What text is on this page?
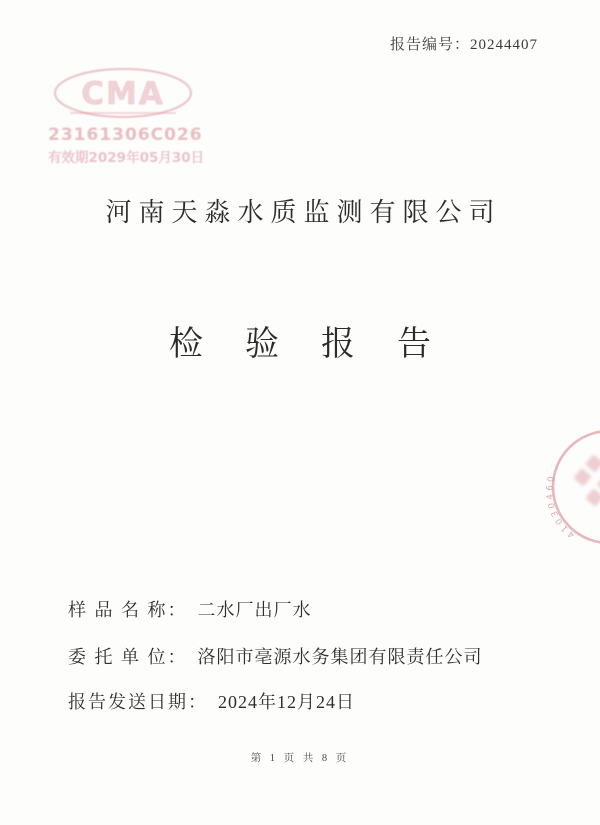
报告编号：20244407
CMA
23161306C026
有效期2029年05月30日
河南天淼水质监测有限公司
检验报告
41030460
样 品 名 称： 二水厂出厂水
委 托 单 位： 洛阳市亳源水务集团有限责任公司
报告发送日期： 2024年12月24日
第 1 页 共 8 页
